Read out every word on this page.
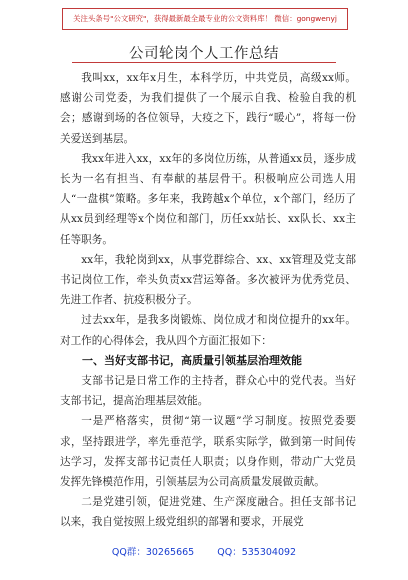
关注头条号"公文研究"，获得最新最全最专业的公文资料库！ 微信：gongwenyj
公司轮岗个人工作总结

我叫xx，xx年x月生，本科学历，中共党员，高级xx师。感谢公司党委，为我们提供了一个展示自我、检验自我的机会；感谢到场的各位领导，大疫之下，践行“暖心”，将每一份关爱送到基层。

我xx年进入xx，xx年的多岗位历练，从普通xx员，逐步成长为一名有担当、有奉献的基层骨干。积极响应公司选人用人“一盘棋”策略。多年来，我跨越x个单位，x个部门，经历了从xx员到经理等x个岗位和部门，历任xx站长、xx队长、xx主任等职务。

xx年，我轮岗到xx，从事党群综合、xx、xx管理及党支部书记岗位工作，牵头负责xx营运筹备。多次被评为优秀党员、先进工作者、抗疫积极分子。

过去xx年，是我多岗锻炼、岗位成才和岗位提升的xx年。对工作的心得体会，我从四个方面汇报如下：

一、当好支部书记，高质量引领基层治理效能

支部书记是日常工作的主持者，群众心中的党代表。当好支部书记，提高治理基层效能。

一是严格落实，贯彻“第一议题”学习制度。按照党委要求，坚持跟进学，率先垂范学，联系实际学，做到第一时间传达学习，发挥支部书记责任人职责；以身作则，带动广大党员发挥先锋模范作用，引领基层为公司高质量发展做贡献。

二是党建引领，促进党建、生产深度融合。担任支部书记以来，我自觉按照上级党组织的部署和要求，开展党

QQ群：30265665 QQ：535304092
